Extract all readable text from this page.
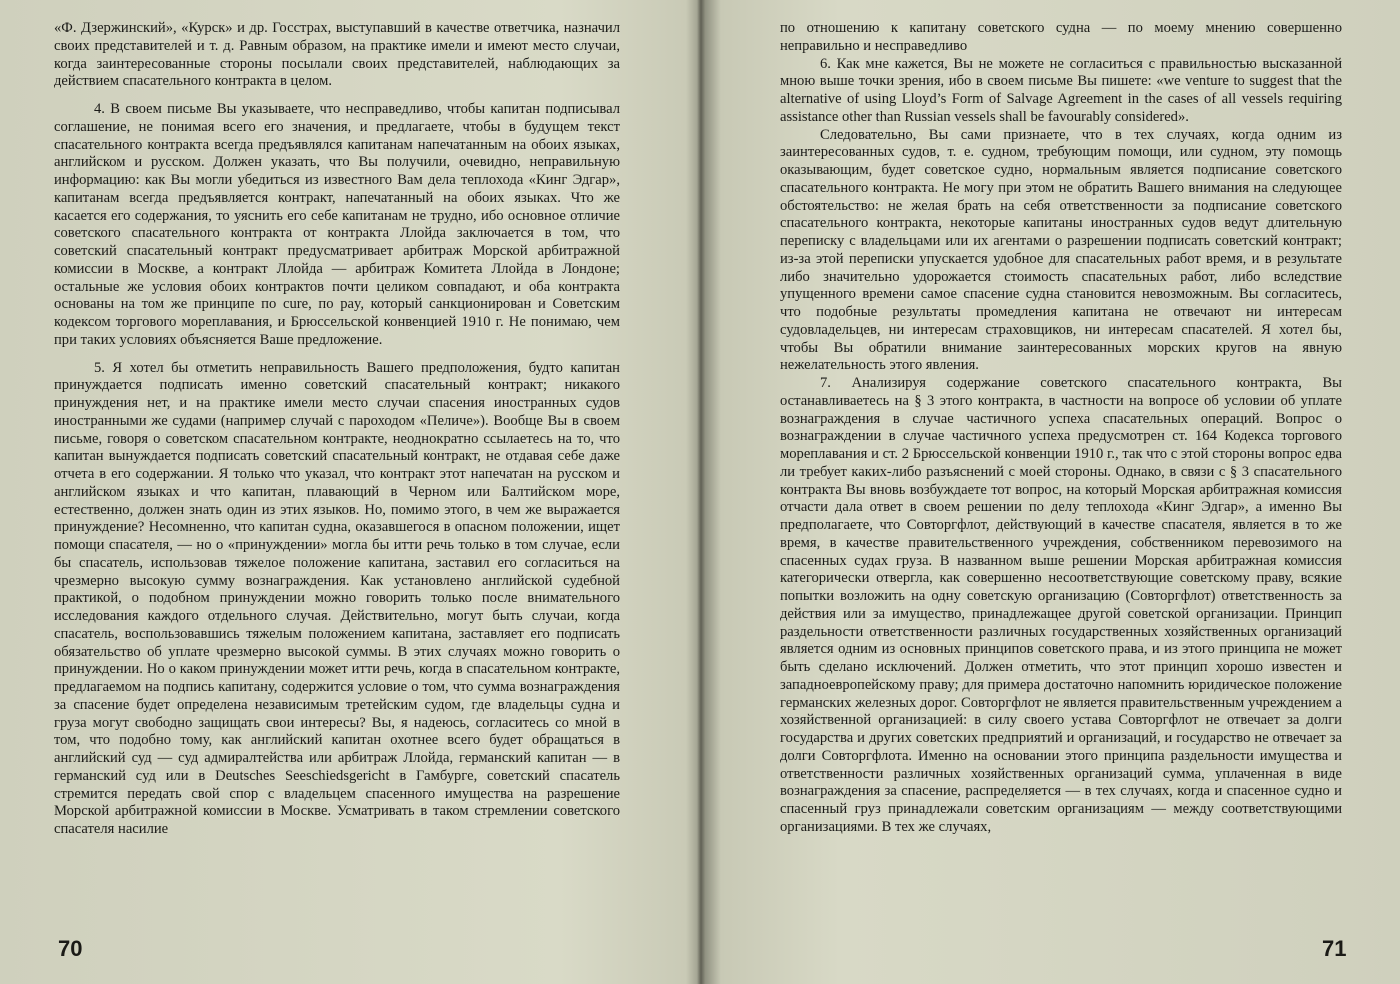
«Ф. Дзержинский», «Курск» и др. Госстрах, выступавший в качестве ответчика, назначил своих представителей и т. д. Равным образом, на практике имели и имеют место случаи, когда заинтересованные стороны посылали своих представителей, наблюдающих за действием спасательного контракта в целом.

4. В своем письме Вы указываете, что несправедливо, чтобы капитан подписывал соглашение, не понимая всего его значения, и предлагаете, чтобы в будущем текст спасательного контракта всегда предъявлялся капитанам напечатанным на обоих языках, английском и русском. Должен указать, что Вы получили, очевидно, неправильную информацию: как Вы могли убедиться из известного Вам дела теплохода «Кинг Эдгар», капитанам всегда предъявляется контракт, напечатанный на обоих языках. Что же касается его содержания, то уяснить его себе капитанам не трудно, ибо основное отличие советского спасательного контракта от контракта Ллойда заключается в том, что советский спасательный контракт предусматривает арбитраж Морской арбитражной комиссии в Москве, а контракт Ллойда — арбитраж Комитета Ллойда в Лондоне; остальные же условия обоих контрактов почти целиком совпадают, и оба контракта основаны на том же принципе по cure, по pay, который санкционирован и Советским кодексом торгового мореплавания, и Брюссельской конвенцией 1910 г. Не понимаю, чем при таких условиях объясняется Ваше предложение.

5. Я хотел бы отметить неправильность Вашего предположения, будто капитан принуждается подписать именно советский спасательный контракт; никакого принуждения нет, и на практике имели место случаи спасения иностранных судов иностранными же судами (например случай с пароходом «Пеличе»). Вообще Вы в своем письме, говоря о советском спасательном контракте, неоднократно ссылаетесь на то, что капитан вынуждается подписать советский спасательный контракт, не отдавая себе даже отчета в его содержании. Я только что указал, что контракт этот напечатан на русском и английском языках и что капитан, плавающий в Черном или Балтийском море, естественно, должен знать один из этих языков. Но, помимо этого, в чем же выражается принуждение? Несомненно, что капитан судна, оказавшегося в опасном положении, ищет помощи спасателя, — но о «принуждении» могла бы итти речь только в том случае, если бы спасатель, использовав тяжелое положение капитана, заставил его согласиться на чрезмерно высокую сумму вознаграждения. Как установлено английской судебной практикой, о подобном принуждении можно говорить только после внимательного исследования каждого отдельного случая. Действительно, могут быть случаи, когда спасатель, воспользовавшись тяжелым положением капитана, заставляет его подписать обязательство об уплате чрезмерно высокой суммы. В этих случаях можно говорить о принуждении. Но о каком принуждении может итти речь, когда в спасательном контракте, предлагаемом на подпись капитану, содержится условие о том, что сумма вознаграждения за спасение будет определена независимым третейским судом, где владельцы судна и груза могут свободно защищать свои интересы? Вы, я надеюсь, согласитесь со мной в том, что подобно тому, как английский капитан охотнее всего будет обращаться в английский суд — суд адмиралтейства или арбитраж Ллойда, германский капитан — в германский суд или в Deutsches Seeschiedsgericht в Гамбурге, советский спасатель стремится передать свой спор с владельцем спасенного имущества на разрешение Морской арбитражной комиссии в Москве. Усматривать в таком стремлении советского спасателя насилие

70

по отношению к капитану советского судна — по моему мнению совершенно неправильно и несправедливо

6. Как мне кажется, Вы не можете не согласиться с правильностью высказанной мною выше точки зрения, ибо в своем письме Вы пишете: «we venture to suggest that the alternative of using Lloyd’s Form of Salvage Agreement in the cases of all vessels requiring assistance other than Russian vessels shall be favourably considered».

Следовательно, Вы сами признаете, что в тех случаях, когда одним из заинтересованных судов, т. е. судном, требующим помощи, или судном, эту помощь оказывающим, будет советское судно, нормальным является подписание советского спасательного контракта. Не могу при этом не обратить Вашего внимания на следующее обстоятельство: не желая брать на себя ответственности за подписание советского спасательного контракта, некоторые капитаны иностранных судов ведут длительную переписку с владельцами или их агентами о разрешении подписать советский контракт; из-за этой переписки упускается удобное для спасательных работ время, и в результате либо значительно удорожается стоимость спасательных работ, либо вследствие упущенного времени самое спасение судна становится невозможным. Вы согласитесь, что подобные результаты промедления капитана не отвечают ни интересам судовладельцев, ни интересам страховщиков, ни интересам спасателей. Я хотел бы, чтобы Вы обратили внимание заинтересованных морских кругов на явную нежелательность этого явления.

7. Анализируя содержание советского спасательного контракта, Вы останавливаетесь на § 3 этого контракта, в частности на вопросе об условии об уплате вознаграждения в случае частичного успеха спасательных операций. Вопрос о вознаграждении в случае частичного успеха предусмотрен ст. 164 Кодекса торгового мореплавания и ст. 2 Брюссельской конвенции 1910 г., так что с этой стороны вопрос едва ли требует каких-либо разъяснений с моей стороны. Однако, в связи с § 3 спасательного контракта Вы вновь возбуждаете тот вопрос, на который Морская арбитражная комиссия отчасти дала ответ в своем решении по делу теплохода «Кинг Эдгар», а именно Вы предполагаете, что Совторгфлот, действующий в качестве спасателя, является в то же время, в качестве правительственного учреждения, собственником перевозимого на спасенных судах груза. В названном выше решении Морская арбитражная комиссия категорически отвергла, как совершенно несоответствующие советскому праву, всякие попытки возложить на одну советскую организацию (Совторгфлот) ответственность за действия или за имущество, принадлежащее другой советской организации. Принцип раздельности ответственности различных государственных хозяйственных организаций является одним из основных принципов советского права, и из этого принципа не может быть сделано исключений. Должен отметить, что этот принцип хорошо известен и западноевропейскому праву; для примера достаточно напомнить юридическое положение германских железных дорог. Совторгфлот не является правительственным учреждением а хозяйственной организацией: в силу своего устава Совторгфлот не отвечает за долги государства и других советских предприятий и организаций, и государство не отвечает за долги Совторгфлота. Именно на основании этого принципа раздельности имущества и ответственности различных хозяйственных организаций сумма, уплаченная в виде вознаграждения за спасение, распределяется — в тех случаях, когда и спасенное судно и спасенный груз принадлежали советским организациям — между соответствующими организациями. В тех же случаях,

71
